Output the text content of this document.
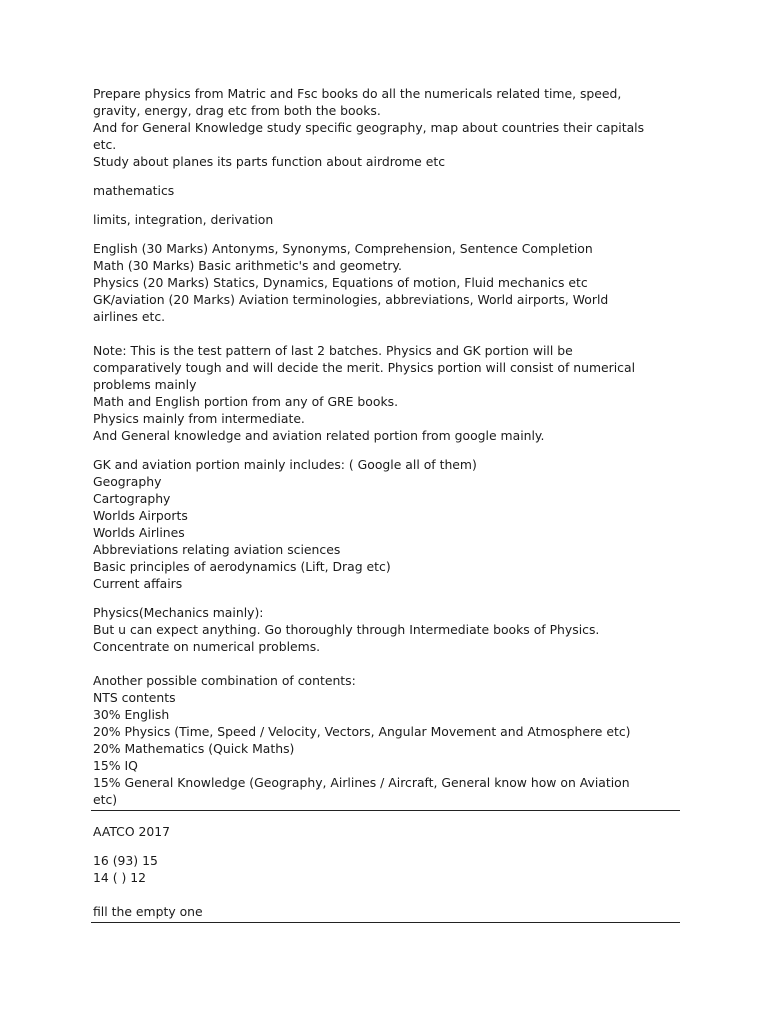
Prepare physics from Matric and Fsc books do all the numericals related time, speed,
gravity, energy, drag etc from both the books.
And for General Knowledge study specific geography, map about countries their capitals
etc.
Study about planes its parts function about airdrome etc
mathematics
limits, integration, derivation
English (30 Marks) Antonyms, Synonyms, Comprehension, Sentence Completion
Math (30 Marks) Basic arithmetic's and geometry.
Physics (20 Marks) Statics, Dynamics, Equations of motion, Fluid mechanics etc
GK/aviation (20 Marks) Aviation terminologies, abbreviations, World airports, World
airlines etc.
Note: This is the test pattern of last 2 batches. Physics and GK portion will be
comparatively tough and will decide the merit. Physics portion will consist of numerical
problems mainly
Math and English portion from any of GRE books.
Physics mainly from intermediate.
And General knowledge and aviation related portion from google mainly.
GK and aviation portion mainly includes: ( Google all of them)
Geography
Cartography
Worlds Airports
Worlds Airlines
Abbreviations relating aviation sciences
Basic principles of aerodynamics (Lift, Drag etc)
Current affairs
Physics(Mechanics mainly):
But u can expect anything. Go thoroughly through Intermediate books of Physics.
Concentrate on numerical problems.
Another possible combination of contents:
NTS contents
30% English
20% Physics (Time, Speed / Velocity, Vectors, Angular Movement and Atmosphere etc)
20% Mathematics (Quick Maths)
15% IQ
15% General Knowledge (Geography, Airlines / Aircraft, General know how on Aviation
etc)
AATCO 2017
16 (93) 15
14 ( ) 12
fill the empty one
